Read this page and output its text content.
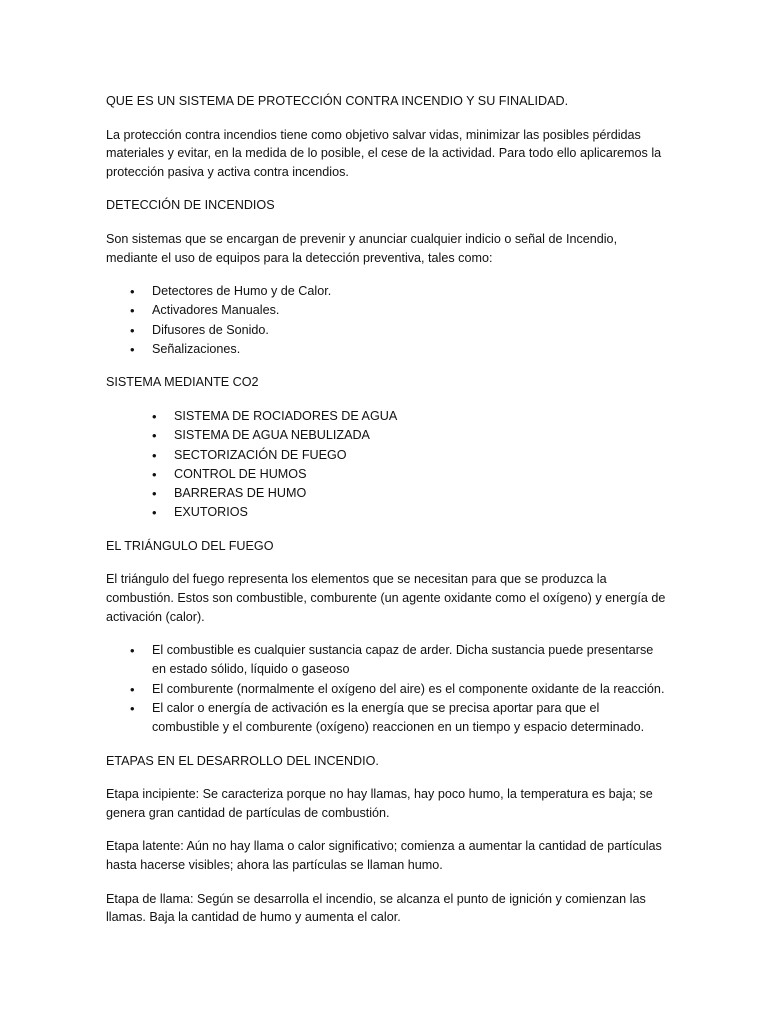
QUE ES UN SISTEMA DE PROTECCIÓN CONTRA INCENDIO Y SU FINALIDAD.

La protección contra incendios tiene como objetivo salvar vidas, minimizar las posibles pérdidas materiales y evitar, en la medida de lo posible, el cese de la actividad. Para todo ello aplicaremos la protección pasiva y activa contra incendios.

DETECCIÓN DE INCENDIOS

Son sistemas que se encargan de prevenir y anunciar cualquier indicio o señal de Incendio, mediante el uso de equipos para la detección preventiva, tales como:

• Detectores de Humo y de Calor.
• Activadores Manuales.
• Difusores de Sonido.
• Señalizaciones.

SISTEMA MEDIANTE CO2

• SISTEMA DE ROCIADORES DE AGUA
• SISTEMA DE AGUA NEBULIZADA
• SECTORIZACIÓN DE FUEGO
• CONTROL DE HUMOS
• BARRERAS DE HUMO
• EXUTORIOS

EL TRIÁNGULO DEL FUEGO

El triángulo del fuego representa los elementos que se necesitan para que se produzca la combustión. Estos son combustible, comburente (un agente oxidante como el oxígeno) y energía de activación (calor).

• El combustible es cualquier sustancia capaz de arder. Dicha sustancia puede presentarse en estado sólido, líquido o gaseoso
• El comburente (normalmente el oxígeno del aire) es el componente oxidante de la reacción.
• El calor o energía de activación es la energía que se precisa aportar para que el combustible y el comburente (oxígeno) reaccionen en un tiempo y espacio determinado.

ETAPAS EN EL DESARROLLO DEL INCENDIO.

Etapa incipiente: Se caracteriza porque no hay llamas, hay poco humo, la temperatura es baja; se genera gran cantidad de partículas de combustión.

Etapa latente: Aún no hay llama o calor significativo; comienza a aumentar la cantidad de partículas hasta hacerse visibles; ahora las partículas se llaman humo.

Etapa de llama: Según se desarrolla el incendio, se alcanza el punto de ignición y comienzan las llamas. Baja la cantidad de humo y aumenta el calor.
